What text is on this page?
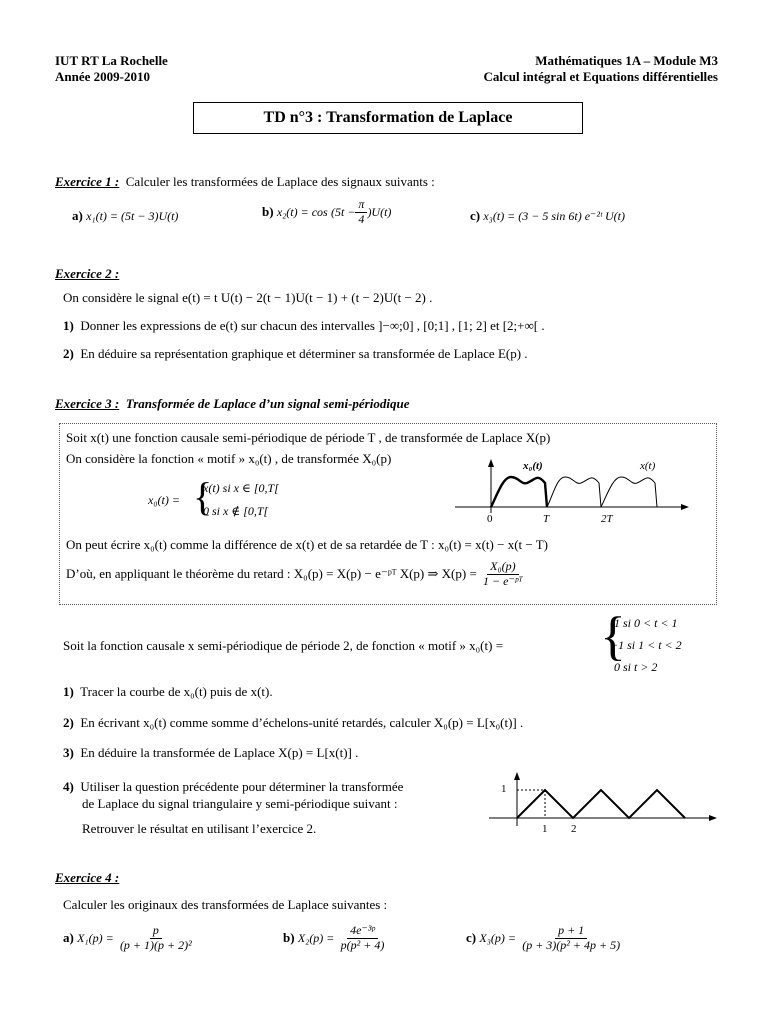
IUT RT La Rochelle
Année 2009-2010
Mathématiques 1A – Module M3
Calcul intégral et Equations différentielles
TD n°3 : Transformation de Laplace
Exercice 1 : Calculer les transformées de Laplace des signaux suivants :
a) x₁(t) = (5t − 3)U(t)	b)
x₂(t) = cos
$(5t - \frac{\pi}{4} )U(t)$	c) x₃(t) = (3 − 5 sin 6t) e⁻²ᵗ U(t)
Exercice 2 :
On considère le signal e(t) = t U(t) − 2(t − 1)U(t − 1) + (t − 2)U(t − 2) .
1) Donner les expressions de e(t) sur chacun des intervalles ]−∞;0] , [0;1] , [1; 2] et [2;+∞[ .
2) En déduire sa représentation graphique et déterminer sa transformée de Laplace E(p) .
Exercice 3 : Transformée de Laplace d’un signal semi-périodique
Soit x(t) une fonction causale semi-périodique de période T , de transformée de Laplace X(p)
On considère la fonction « motif » x₀(t) , de transformée X₀(p)
x₀(t) = {
x(t) si x ∈ [0,T[
0 si x ∉ [0,T[
x₀(t)	x(t)
0	T	2T
On peut écrire x₀(t) comme la différence de x(t) et de sa retardée de T : x₀(t) = x(t) − x(t − T)
D’où, en appliquant le théorème du retard : X₀(p) = X(p) − e⁻ᵖᵀ X(p) ⇒ X(p) =
$\frac{\text{X₀(p)}}{\text{1 − e⁻ᵖᵀ}}$
Soit la fonction causale x semi-périodique de période 2, de fonction « motif » x₀(t) = {
1 si 0 < t < 1
−1 si 1 < t < 2
0 si t > 2
1) Tracer la courbe de x₀(t) puis de x(t).
2) En écrivant x₀(t) comme somme d’échelons-unité retardés, calculer X₀(p) = L[x₀(t)] .
3) En déduire la transformée de Laplace X(p) = L[x(t)] .
4) Utiliser la question précédente pour déterminer la transformée
de Laplace du signal triangulaire y semi-périodique suivant :
Retrouver le résultat en utilisant l’exercice 2.
1
1 2
Exercice 4 :
Calculer les originaux des transformées de Laplace suivantes :
a)
X₁(p) =
$\frac{p}{\text{(p + 1)(p + 2)²}}$	b)
X₂(p) =
$\frac{\text{4e⁻³ᵖ}}{\text{p(p² + 4)}}$	c)
X₃(p) =
$\frac{p + 1}{\text{(p + 3)(p² + 4p + 5)}}$
